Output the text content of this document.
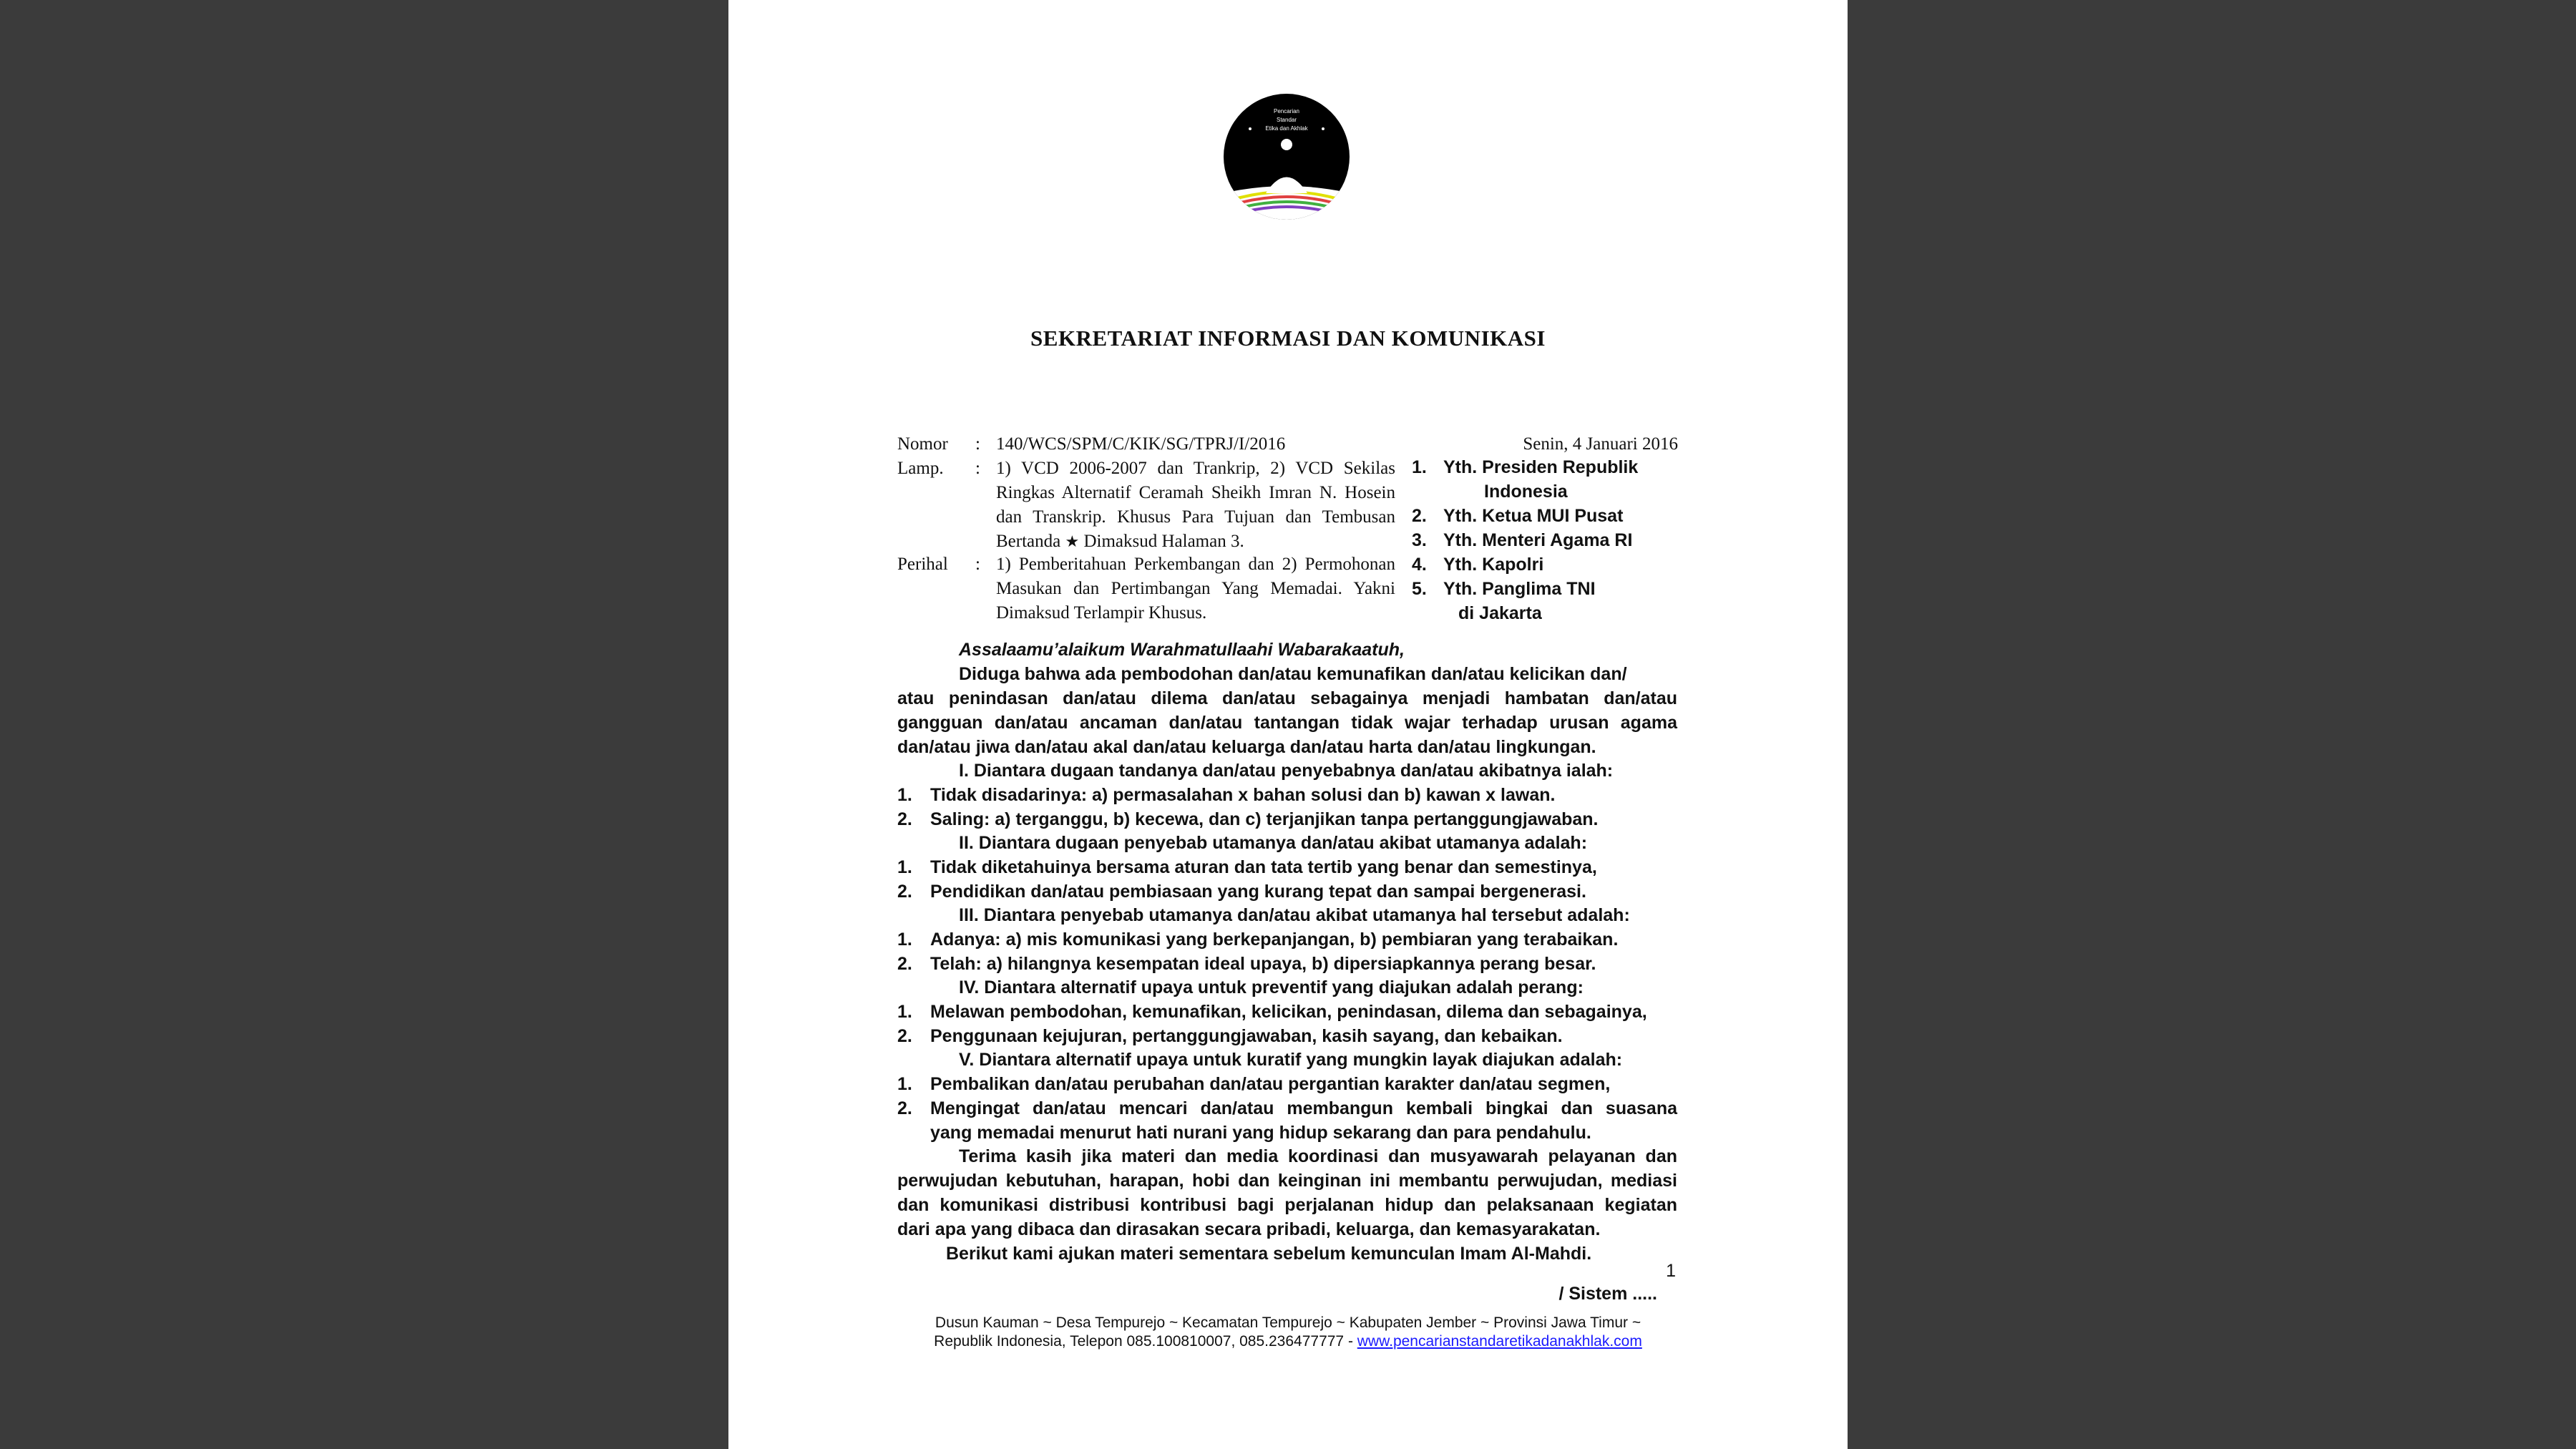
Pencarian
Standar
Etika dan Akhlak
SEKRETARIAT INFORMASI DAN KOMUNIKASI
Nomor : 140/WCS/SPM/C/KIK/SG/TPRJ/I/2016	Senin, 4 Januari 2016
Lamp. : 1) VCD 2006-2007 dan Trankrip, 2) VCD Sekilas Ringkas Alternatif Ceramah Sheikh Imran N. Hosein dan Transkrip. Khusus Para Tujuan dan Tembusan Bertanda ★ Dimaksud Halaman 3.
Perihal : 1) Pemberitahuan Perkembangan dan 2) Permohonan Masukan dan Pertimbangan Yang Memadai. Yakni Dimaksud Terlampir Khusus.
1. Yth. Presiden Republik
Indonesia
2. Yth. Ketua MUI Pusat
3. Yth. Menteri Agama RI
4. Yth. Kapolri
5. Yth. Panglima TNI
di Jakarta
Assalaamu’alaikum Warahmatullaahi Wabarakaatuh,
Diduga bahwa ada pembodohan dan/atau kemunafikan dan/atau kelicikan dan/
atau penindasan dan/atau dilema dan/atau sebagainya menjadi hambatan dan/atau
gangguan dan/atau ancaman dan/atau tantangan tidak wajar terhadap urusan agama
dan/atau jiwa dan/atau akal dan/atau keluarga dan/atau harta dan/atau lingkungan.
I. Diantara dugaan tandanya dan/atau penyebabnya dan/atau akibatnya ialah:
1. Tidak disadarinya: a) permasalahan x bahan solusi dan b) kawan x lawan.
2. Saling: a) terganggu, b) kecewa, dan c) terjanjikan tanpa pertanggungjawaban.
II. Diantara dugaan penyebab utamanya dan/atau akibat utamanya adalah:
1. Tidak diketahuinya bersama aturan dan tata tertib yang benar dan semestinya,
2. Pendidikan dan/atau pembiasaan yang kurang tepat dan sampai bergenerasi.
III. Diantara penyebab utamanya dan/atau akibat utamanya hal tersebut adalah:
1. Adanya: a) mis komunikasi yang berkepanjangan, b) pembiaran yang terabaikan.
2. Telah: a) hilangnya kesempatan ideal upaya, b) dipersiapkannya perang besar.
IV. Diantara alternatif upaya untuk preventif yang diajukan adalah perang:
1. Melawan pembodohan, kemunafikan, kelicikan, penindasan, dilema dan sebagainya,
2. Penggunaan kejujuran, pertanggungjawaban, kasih sayang, dan kebaikan.
V. Diantara alternatif upaya untuk kuratif yang mungkin layak diajukan adalah:
1. Pembalikan dan/atau perubahan dan/atau pergantian karakter dan/atau segmen,
2. Mengingat dan/atau mencari dan/atau membangun kembali bingkai dan suasana
yang memadai menurut hati nurani yang hidup sekarang dan para pendahulu.
Terima kasih jika materi dan media koordinasi dan musyawarah pelayanan dan
perwujudan kebutuhan, harapan, hobi dan keinginan ini membantu perwujudan, mediasi
dan komunikasi distribusi kontribusi bagi perjalanan hidup dan pelaksanaan kegiatan
dari apa yang dibaca dan dirasakan secara pribadi, keluarga, dan kemasyarakatan.
Berikut kami ajukan materi sementara sebelum kemunculan Imam Al-Mahdi.
1
/ Sistem .....
Dusun Kauman ~ Desa Tempurejo ~ Kecamatan Tempurejo ~ Kabupaten Jember ~ Provinsi Jawa Timur ~
Republik Indonesia, Telepon 085.100810007, 085.236477777 - www.pencarianstandaretikadanakhlak.com
